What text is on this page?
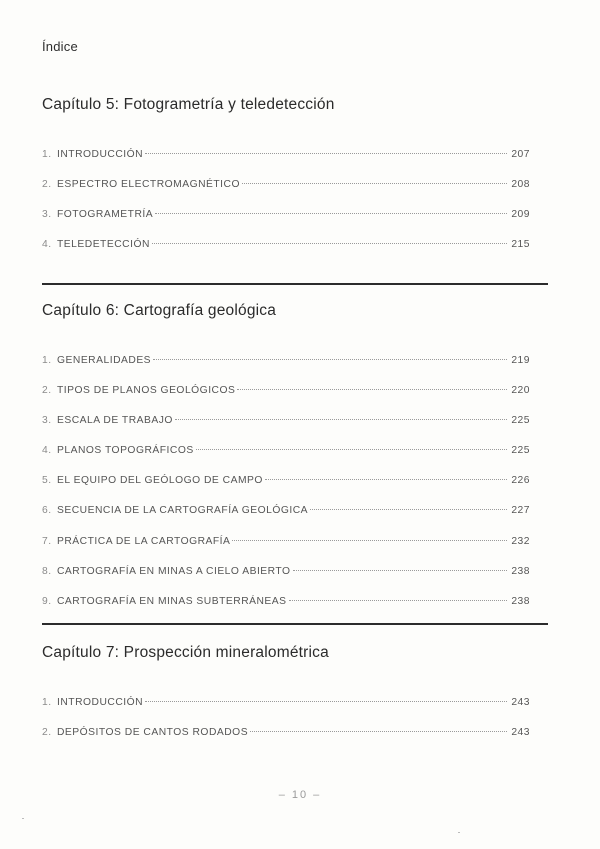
Índice
Capítulo 5: Fotogrametría y teledetección
1. INTRODUCCIÓN	207
2. ESPECTRO ELECTROMAGNÉTICO	208
3. FOTOGRAMETRÍA	209
4. TELEDETECCIÓN	215
Capítulo 6: Cartografía geológica
1. GENERALIDADES	219
2. TIPOS DE PLANOS GEOLÓGICOS	220
3. ESCALA DE TRABAJO	225
4. PLANOS TOPOGRÁFICOS	225
5. EL EQUIPO DEL GEÓLOGO DE CAMPO	226
6. SECUENCIA DE LA CARTOGRAFÍA GEOLÓGICA	227
7. PRÁCTICA DE LA CARTOGRAFÍA	232
8. CARTOGRAFÍA EN MINAS A CIELO ABIERTO	238
9. CARTOGRAFÍA EN MINAS SUBTERRÁNEAS	238
Capítulo 7: Prospección mineralométrica
1. INTRODUCCIÓN	243
2. DEPÓSITOS DE CANTOS RODADOS	243
– 10 –
